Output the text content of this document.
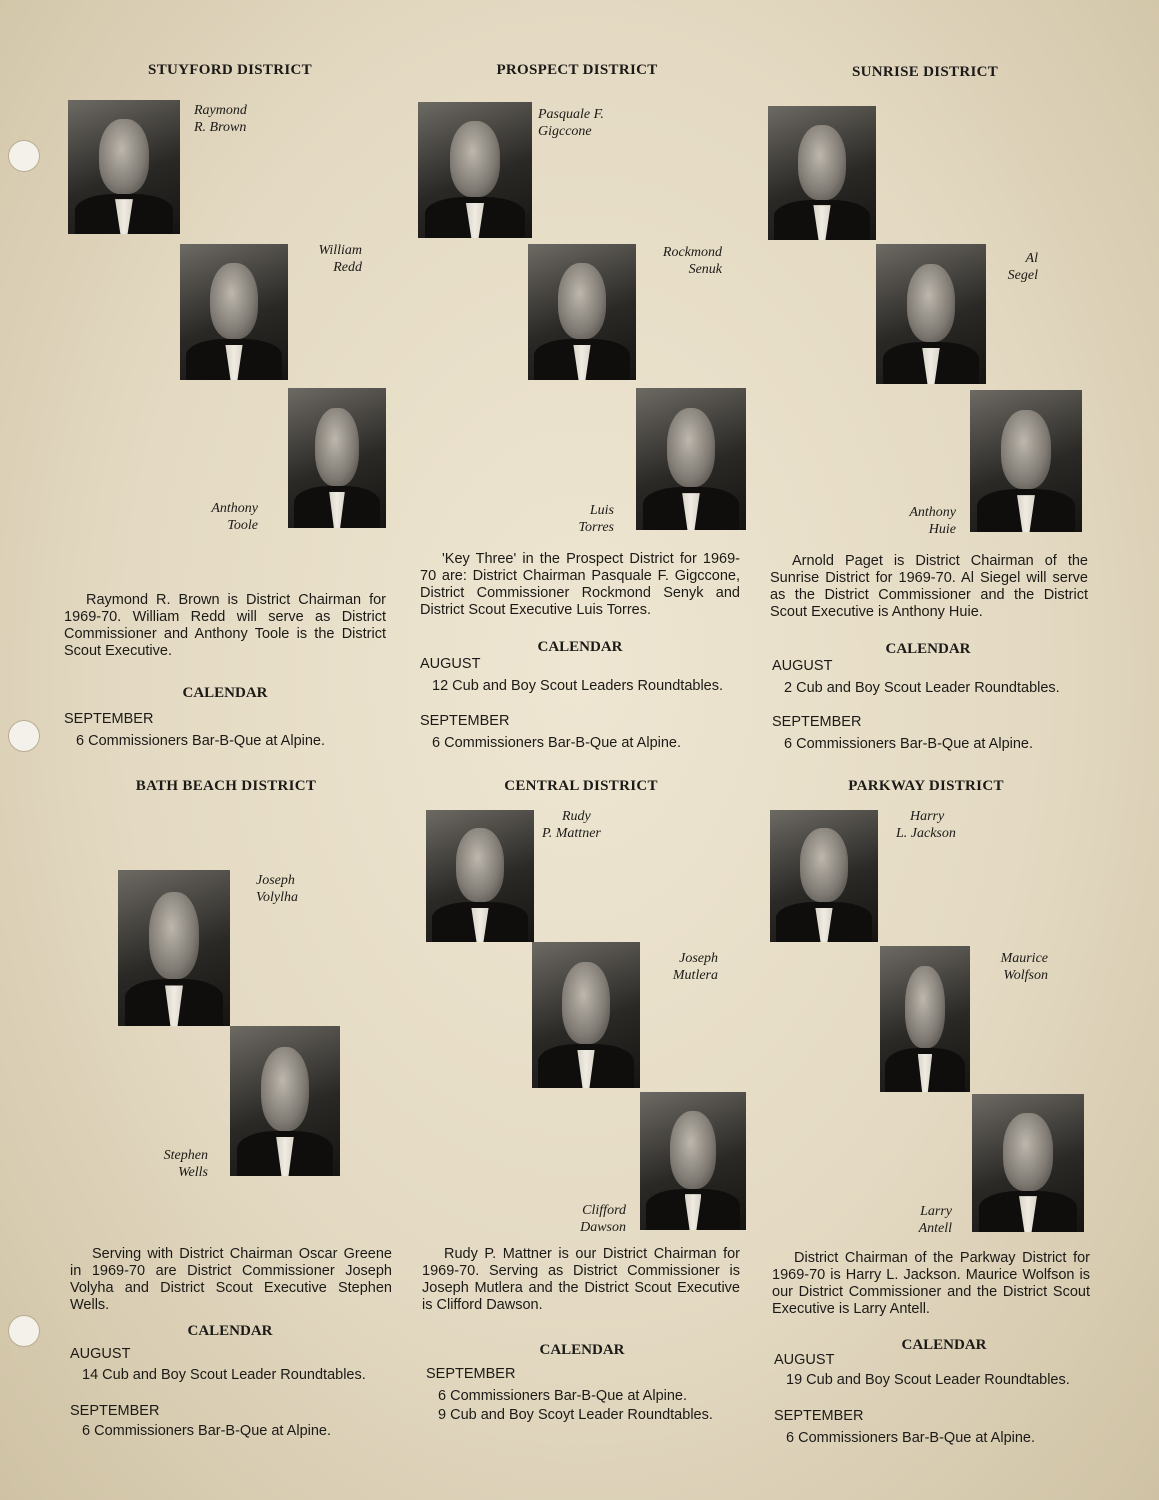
STUYFORD DISTRICT
Raymond
R. Brown
William
Redd
Anthony
Toole
Raymond R. Brown is District Chairman for 1969-70. William Redd will serve as District Commissioner and Anthony Toole is the District Scout Executive.
CALENDAR
SEPTEMBER
6 Commissioners Bar-B-Que at Alpine.
PROSPECT DISTRICT
Pasquale F.
Gigccone
Rockmond
Senuk
Luis
Torres
'Key Three' in the Prospect District for 1969-70 are: District Chairman Pasquale F. Gigccone, District Commissioner Rockmond Senyk and District Scout Executive Luis Torres.
CALENDAR
AUGUST
12 Cub and Boy Scout Leaders Roundtables.
SEPTEMBER
6 Commissioners Bar-B-Que at Alpine.
SUNRISE DISTRICT
Al
Segel
Anthony
Huie
Arnold Paget is District Chairman of the Sunrise District for 1969-70. Al Siegel will serve as the District Commissioner and the District Scout Executive is Anthony Huie.
CALENDAR
AUGUST
2 Cub and Boy Scout Leader Roundtables.
SEPTEMBER
6 Commissioners Bar-B-Que at Alpine.
BATH BEACH DISTRICT
Joseph
Volylha
Stephen
Wells
Serving with District Chairman Oscar Greene in 1969-70 are District Commissioner Joseph Volyha and District Scout Executive Stephen Wells.
CALENDAR
AUGUST
14 Cub and Boy Scout Leader Roundtables.
SEPTEMBER
6 Commissioners Bar-B-Que at Alpine.
CENTRAL DISTRICT
Rudy
P. Mattner
Joseph
Mutlera
Clifford
Dawson
Rudy P. Mattner is our District Chairman for 1969-70. Serving as District Commissioner is Joseph Mutlera and the District Scout Executive is Clifford Dawson.
CALENDAR
SEPTEMBER
6 Commissioners Bar-B-Que at Alpine.
9 Cub and Boy Scoyt Leader Roundtables.
PARKWAY DISTRICT
Harry
L. Jackson
Maurice
Wolfson
Larry
Antell
District Chairman of the Parkway District for 1969-70 is Harry L. Jackson. Maurice Wolfson is our District Commissioner and the District Scout Executive is Larry Antell.
CALENDAR
AUGUST
19 Cub and Boy Scout Leader Roundtables.
SEPTEMBER
6 Commissioners Bar-B-Que at Alpine.
